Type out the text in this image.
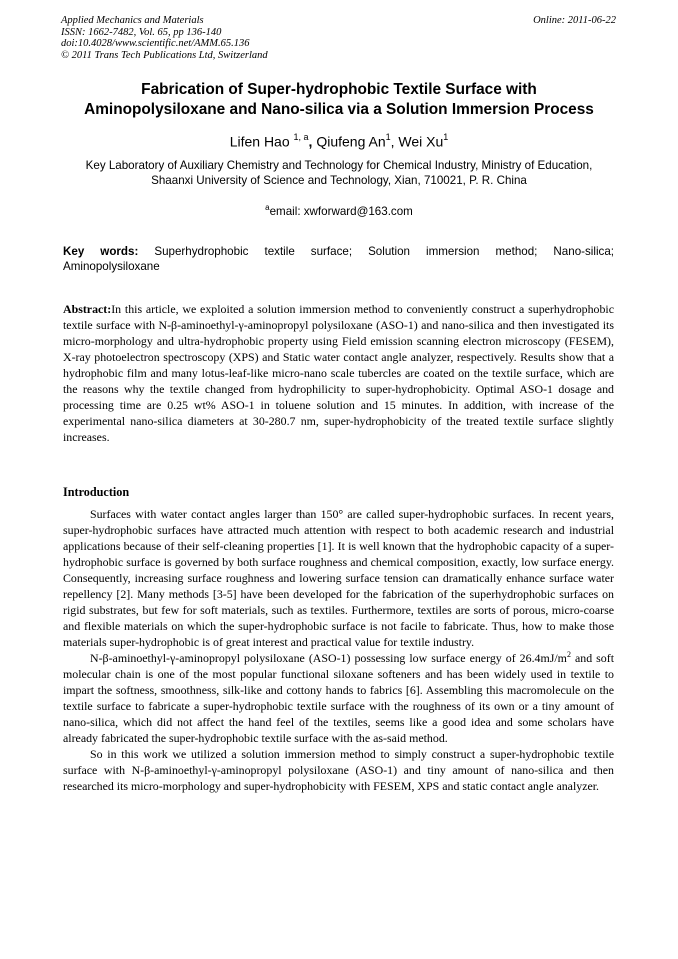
Applied Mechanics and Materials
ISSN: 1662-7482, Vol. 65, pp 136-140
doi:10.4028/www.scientific.net/AMM.65.136
© 2011 Trans Tech Publications Ltd, Switzerland
Online: 2011-06-22
Fabrication of Super-hydrophobic Textile Surface with
Aminopolysiloxane and Nano-silica via a Solution Immersion Process
Lifen Hao $^{1, a}$, Qiufeng An$^1$, Wei Xu$^1$
Key Laboratory of Auxiliary Chemistry and Technology for Chemical Industry, Ministry of Education,
Shaanxi University of Science and Technology, Xian, 710021, P. R. China
$^a$email: xwforward@163.com
Key words: Superhydrophobic textile surface; Solution immersion method; Nano-silica;
Aminopolysiloxane
Abstract:In this article, we exploited a solution immersion method to conveniently construct a superhydrophobic textile surface with N-β-aminoethyl-γ-aminopropyl polysiloxane (ASO-1) and nano-silica and then investigated its micro-morphology and ultra-hydrophobic property using Field emission scanning electron microscopy (FESEM), X-ray photoelectron spectroscopy (XPS) and Static water contact angle analyzer, respectively. Results show that a hydrophobic film and many lotus-leaf-like micro-nano scale tubercles are coated on the textile surface, which are the reasons why the textile changed from hydrophilicity to super-hydrophobicity. Optimal ASO-1 dosage and processing time are 0.25 wt% ASO-1 in toluene solution and 15 minutes. In addition, with increase of the experimental nano-silica diameters at 30-280.7 nm, super-hydrophobicity of the treated textile surface slightly increases.
Introduction

Surfaces with water contact angles larger than 150° are called super-hydrophobic surfaces. In recent years, super-hydrophobic surfaces have attracted much attention with respect to both academic research and industrial applications because of their self-cleaning properties [1]. It is well known that the hydrophobic capacity of a super-hydrophobic surface is governed by both surface roughness and chemical composition, exactly, low surface energy. Consequently, increasing surface roughness and lowering surface tension can dramatically enhance surface water repellency [2]. Many methods [3-5] have been developed for the fabrication of the superhydrophobic surfaces on rigid substrates, but few for soft materials, such as textiles. Furthermore, textiles are sorts of porous, micro-coarse and flexible materials on which the super-hydrophobic surface is not facile to fabricate. Thus, how to make those materials super-hydrophobic is of great interest and practical value for textile industry.

N-β-aminoethyl-γ-aminopropyl polysiloxane (ASO-1) possessing low surface energy of $26.4mJ/m^2$ and soft molecular chain is one of the most popular functional siloxane softeners and has been widely used in textile to impart the softness, smoothness, silk-like and cottony hands to fabrics [6]. Assembling this macromolecule on the textile surface to fabricate a super-hydrophobic textile surface with the roughness of its own or a tiny amount of nano-silica, which did not affect the hand feel of the textiles, seems like a good idea and some scholars have already fabricated the super-hydrophobic textile surface with the as-said method.

So in this work we utilized a solution immersion method to simply construct a super-hydrophobic textile surface with N-β-aminoethyl-γ-aminopropyl polysiloxane (ASO-1) and tiny amount of nano-silica and then researched its micro-morphology and super-hydrophobicity with FESEM, XPS and static contact angle analyzer.
